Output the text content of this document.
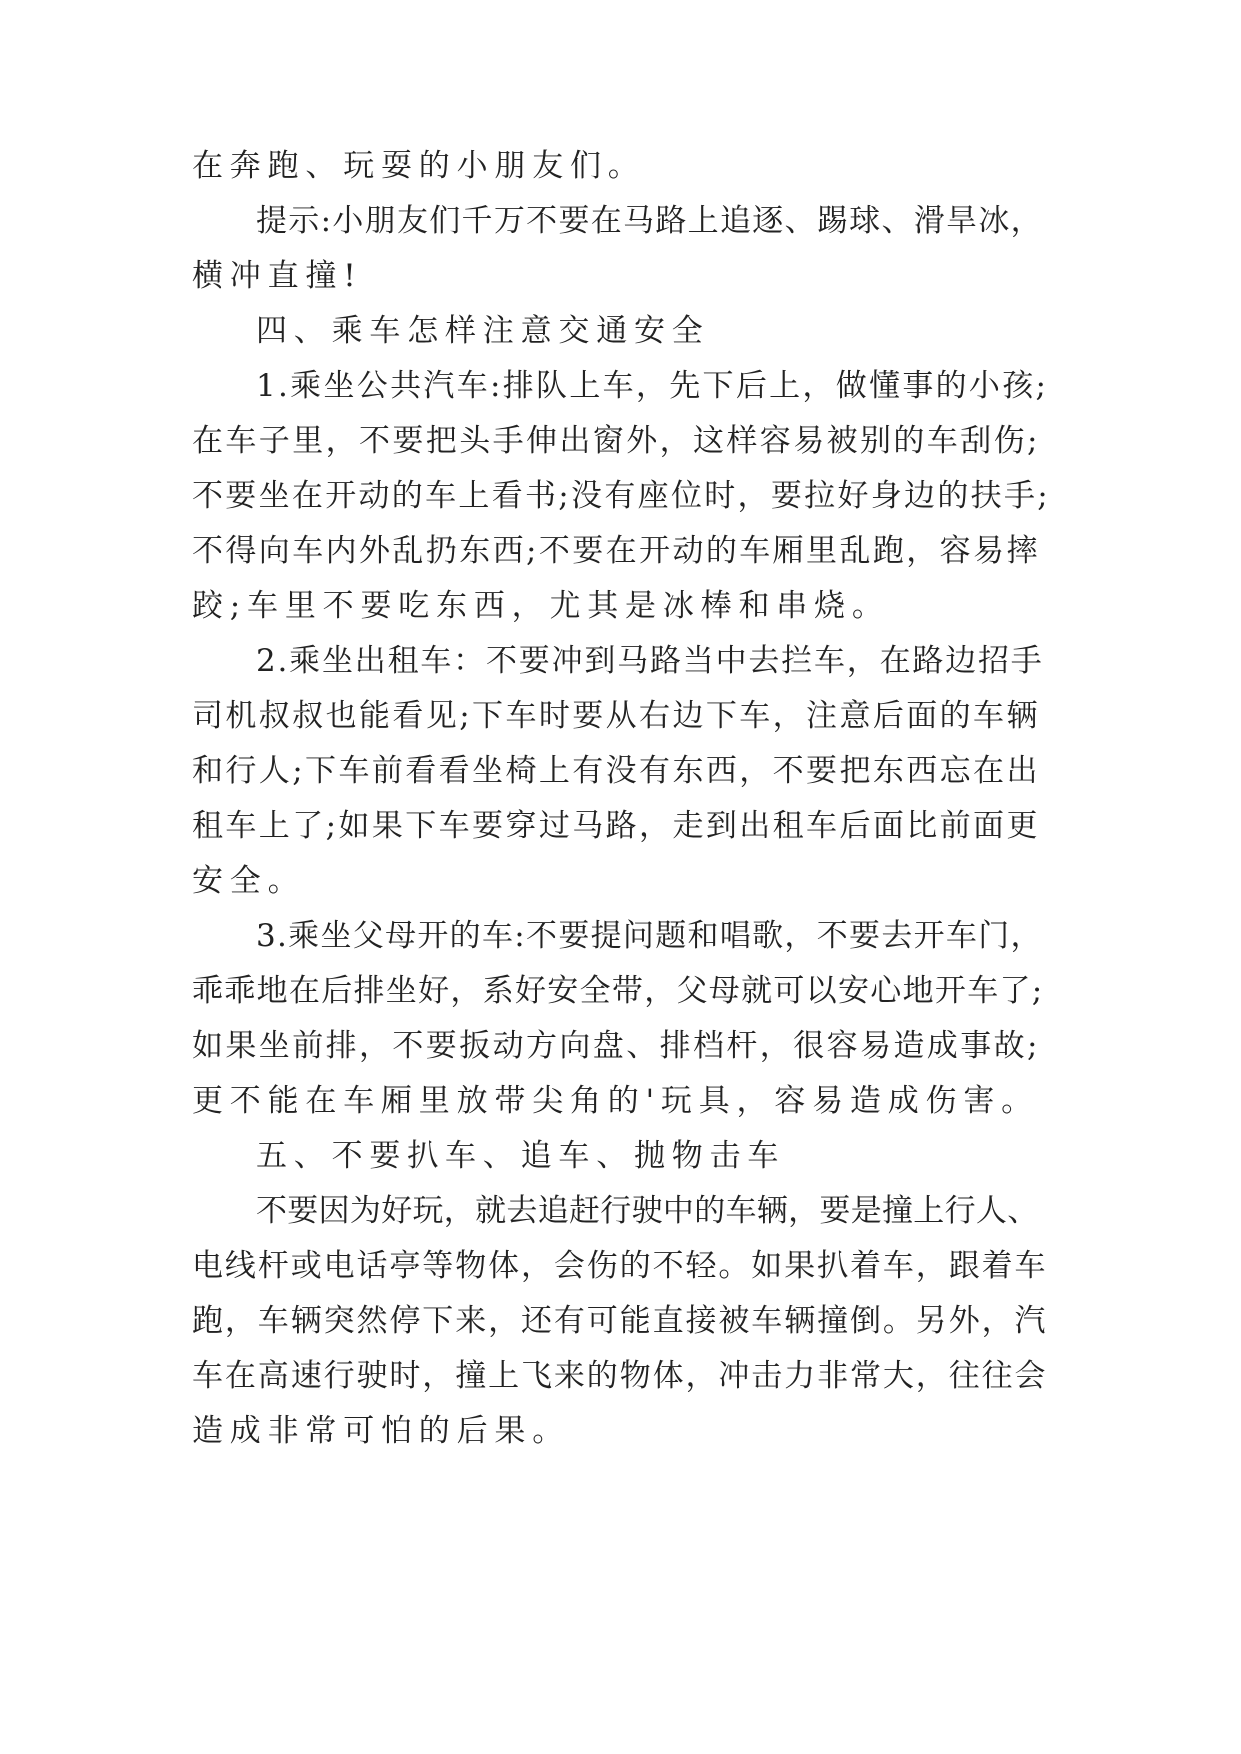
在奔跑、玩耍的小朋友们。

提示:小朋友们千万不要在马路上追逐、踢球、滑旱冰，

横冲直撞!

四、乘车怎样注意交通安全

1.乘坐公共汽车:排队上车，先下后上，做懂事的小孩;

在车子里，不要把头手伸出窗外，这样容易被别的车刮伤;

不要坐在开动的车上看书;没有座位时，要拉好身边的扶手;

不得向车内外乱扔东西;不要在开动的车厢里乱跑，容易摔

跤;车里不要吃东西，尤其是冰棒和串烧。

2.乘坐出租车：不要冲到马路当中去拦车，在路边招手

司机叔叔也能看见;下车时要从右边下车，注意后面的车辆

和行人;下车前看看坐椅上有没有东西，不要把东西忘在出

租车上了;如果下车要穿过马路，走到出租车后面比前面更

安全。

3.乘坐父母开的车:不要提问题和唱歌，不要去开车门，

乖乖地在后排坐好，系好安全带，父母就可以安心地开车了;

如果坐前排，不要扳动方向盘、排档杆，很容易造成事故;

更不能在车厢里放带尖角的'玩具，容易造成伤害。

五、不要扒车、追车、抛物击车

不要因为好玩，就去追赶行驶中的车辆，要是撞上行人、

电线杆或电话亭等物体，会伤的不轻。如果扒着车，跟着车

跑，车辆突然停下来，还有可能直接被车辆撞倒。另外，汽

车在高速行驶时，撞上飞来的物体，冲击力非常大，往往会

造成非常可怕的后果。
